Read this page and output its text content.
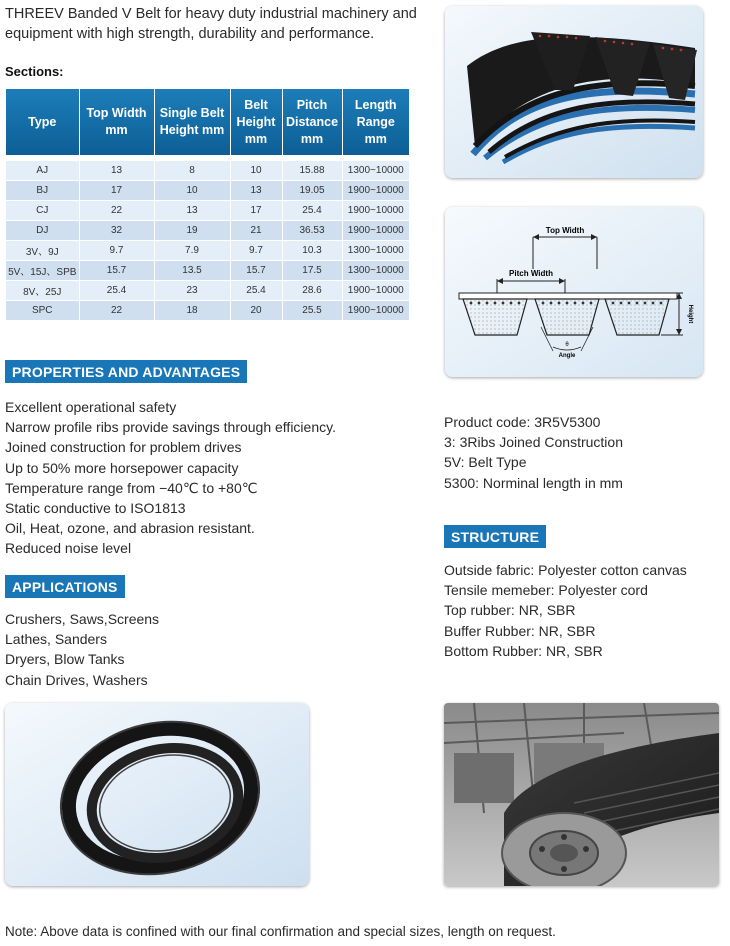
THREEV Banded V Belt for heavy duty industrial machinery and equipment with high strength, durability and performance.
Sections:
Type	Top Width mm	Single Belt Height mm	Belt Height mm	Pitch Distance mm	Length Range mm

AJ	13	8	10	15.88	1300~10000
BJ	17	10	13	19.05	1900~10000
CJ	22	13	17	25.4	1900~10000
DJ	32	19	21	36.53	1900~10000
3V、9J	9.7	7.9	9.7	10.3	1300~10000
5V、15J、SPB	15.7	13.5	15.7	17.5	1300~10000
8V、25J	25.4	23	25.4	28.6	1900~10000
SPC	22	18	20	25.5	1900~10000
Top Width
Pitch Width
Height
θ
Angle
PROPERTIES AND ADVANTAGES
Excellent operational safety
Narrow profile ribs provide savings through efficiency.
Joined construction for problem drives
Up to 50% more horsepower capacity
Temperature range from −40℃ to +80℃
Static conductive to ISO1813
Oil, Heat, ozone, and abrasion resistant.
Reduced noise level
APPLICATIONS
Crushers, Saws,Screens
Lathes, Sanders
Dryers, Blow Tanks
Chain Drives, Washers
Product code: 3R5V5300
3: 3Ribs Joined Construction
5V: Belt Type
5300: Norminal length in mm
STRUCTURE
Outside fabric: Polyester cotton canvas
Tensile memeber: Polyester cord
Top rubber: NR, SBR
Buffer Rubber: NR, SBR
Bottom Rubber: NR, SBR
Note: Above data is confined with our final confirmation and special sizes, length on request.
